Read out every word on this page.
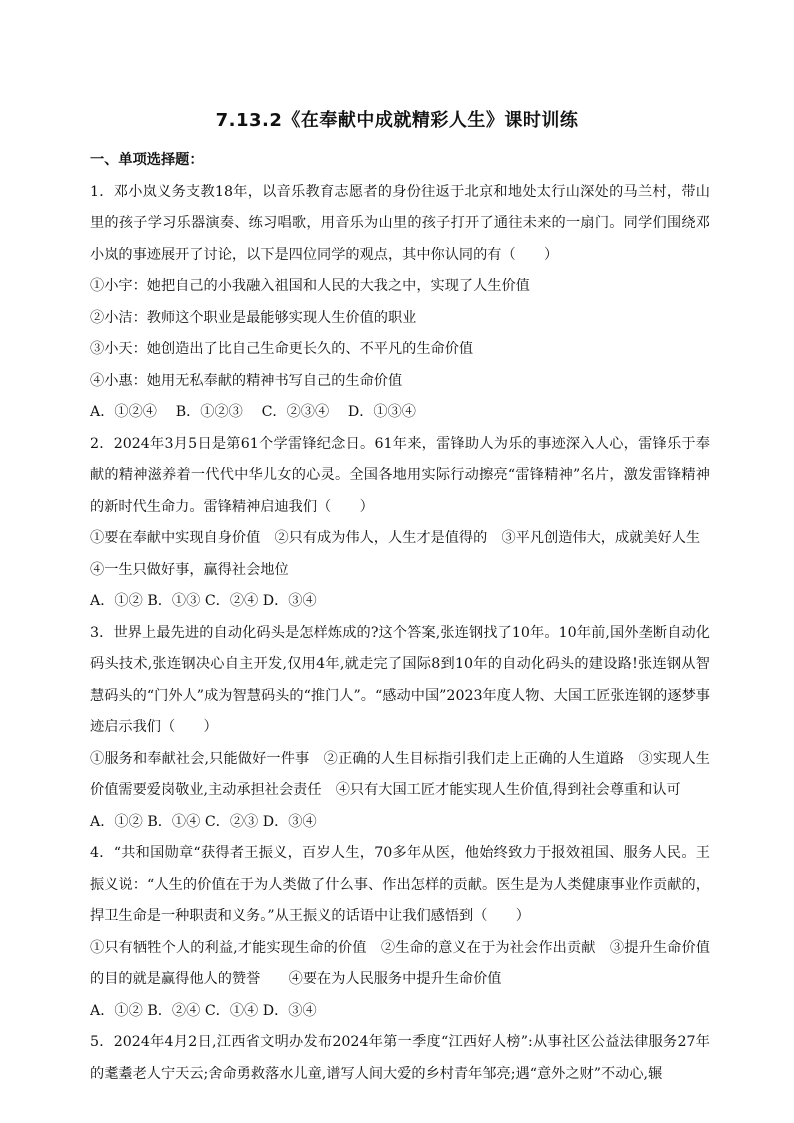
7.13.2《在奉献中成就精彩人生》课时训练
一、单项选择题：
1．邓小岚义务支教18年，以音乐教育志愿者的身份往返于北京和地处太行山深处的马兰村，带山里的孩子学习乐器演奏、练习唱歌，用音乐为山里的孩子打开了通往未来的一扇门。同学们围绕邓小岚的事迹展开了讨论，以下是四位同学的观点，其中你认同的有（　　）
①小宇：她把自己的小我融入祖国和人民的大我之中，实现了人生价值
②小洁：教师这个职业是最能够实现人生价值的职业
③小天：她创造出了比自己生命更长久的、不平凡的生命价值
④小惠：她用无私奉献的精神书写自己的生命价值
A．①②④　 B．①②③　 C．②③④　 D．①③④
2．2024年3月5日是第61个学雷锋纪念日。61年来，雷锋助人为乐的事迹深入人心，雷锋乐于奉献的精神滋养着一代代中华儿女的心灵。全国各地用实际行动擦亮“雷锋精神”名片，激发雷锋精神的新时代生命力。雷锋精神启迪我们（　　）
①要在奉献中实现自身价值　②只有成为伟人，人生才是值得的　③平凡创造伟大，成就美好人生
④一生只做好事，赢得社会地位
A．①② B．①③ C．②④ D．③④
3．世界上最先进的自动化码头是怎样炼成的?这个答案,张连钢找了10年。10年前,国外垄断自动化码头技术,张连钢决心自主开发,仅用4年,就走完了国际8到10年的自动化码头的建设路!张连钢从智慧码头的“门外人”成为智慧码头的“推门人”。“感动中国”2023年度人物、大国工匠张连钢的逐梦事迹启示我们（　　）
①服务和奉献社会,只能做好一件事　②正确的人生目标指引我们走上正确的人生道路　③实现人生价值需要爱岗敬业,主动承担社会责任　④只有大国工匠才能实现人生价值,得到社会尊重和认可
A．①② B．①④ C．②③ D．③④
4．“共和国勋章“获得者王振义，百岁人生，70多年从医，他始终致力于报效祖国、服务人民。王振义说：“人生的价值在于为人类做了什么事、作出怎样的贡献。医生是为人类健康事业作贡献的，捍卫生命是一种职责和义务。”从王振义的话语中让我们感悟到（　　）
①只有牺牲个人的利益,才能实现生命的价值　②生命的意义在于为社会作出贡献　③提升生命价值的目的就是赢得他人的赞誉　　④要在为人民服务中提升生命价值
A．①② B．②④ C．①④ D．③④
5．2024年4月2日,江西省文明办发布2024年第一季度“江西好人榜”:从事社区公益法律服务27年的耄耋老人宁天云;舍命勇救落水儿童,谱写人间大爱的乡村青年邹亮;遇“意外之财”不动心,辗
